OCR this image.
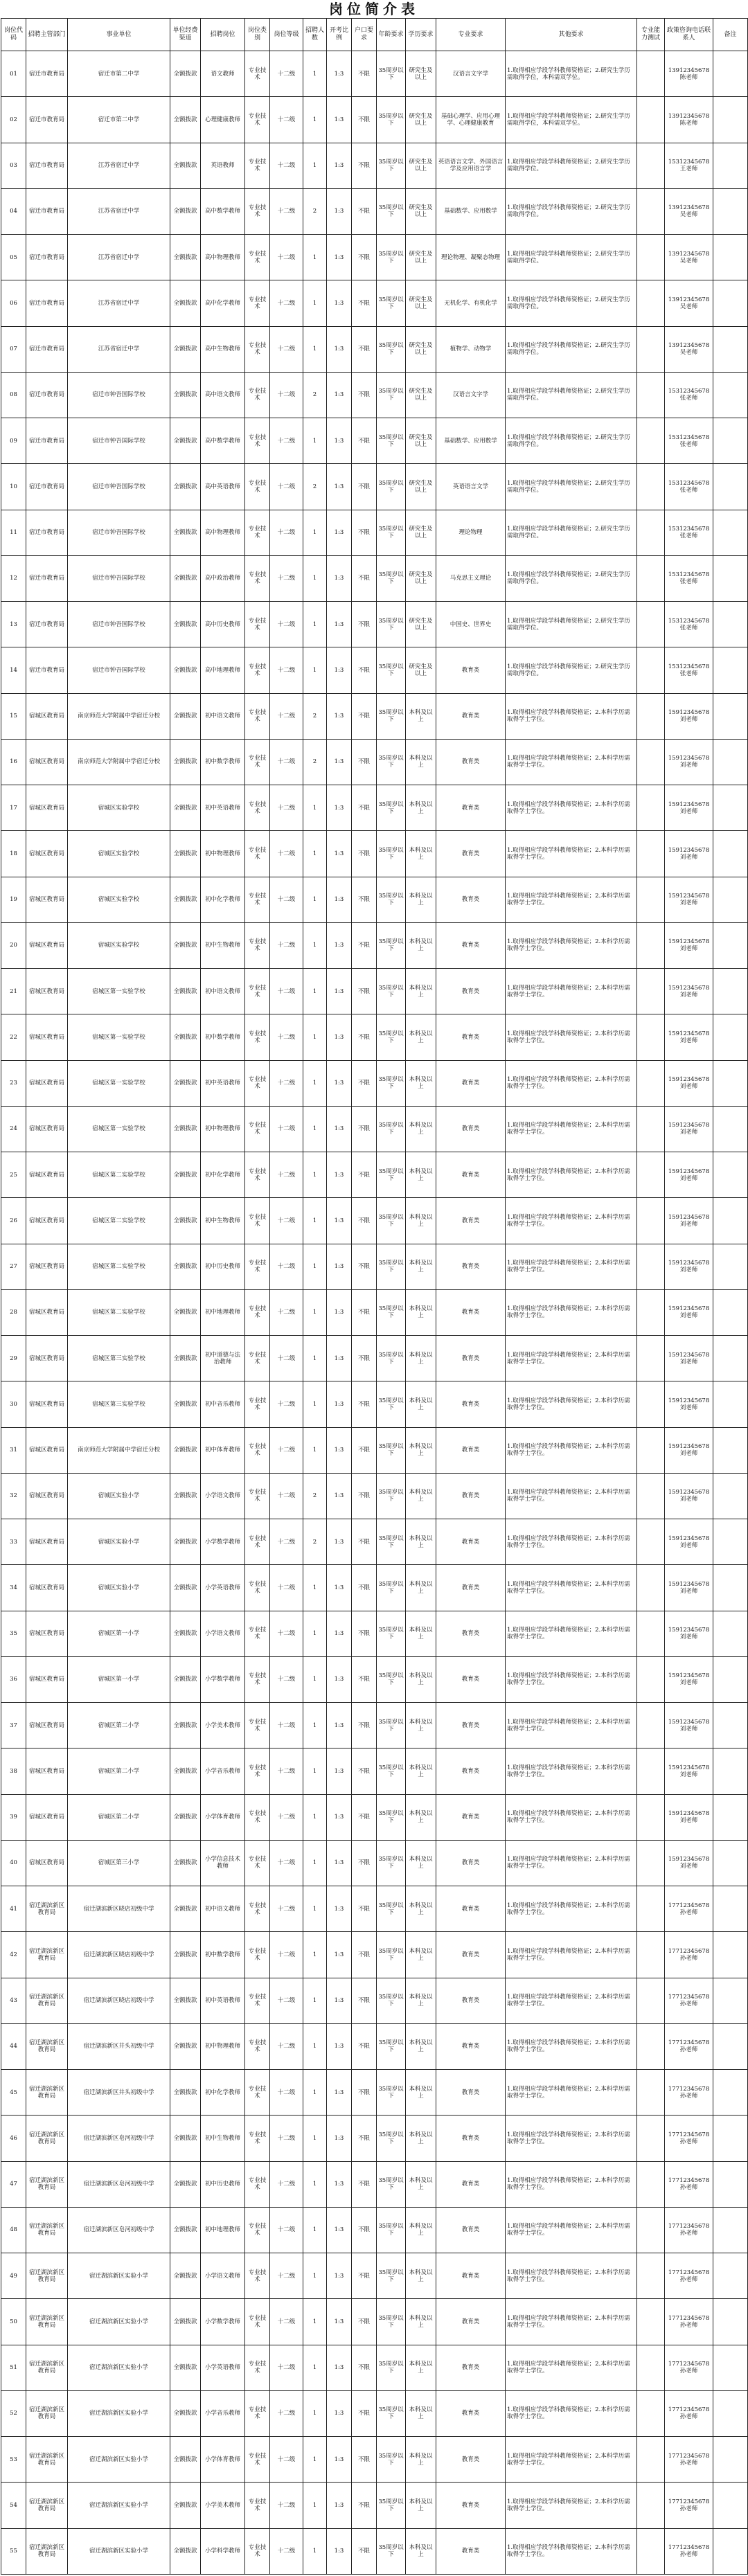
岗位简介表
岗位代码	招聘主管部门	事业单位	单位经费渠道	招聘岗位	岗位类别	岗位等级	招聘人数	开考比例	户口要求	年龄要求	学历要求	专业要求	其他要求	专业能力测试	政策咨询电话联系人	备注
01	宿迁市教育局	宿迁市第二中学	全额拨款	语文教师	专业技术	十二级	1	1:3	不限	35周岁以下	研究生及以上	汉语言文字学	1.取得相应学段学科教师资格证；2.研究生学历需取得学位，本科需双学位。		13912345678陈老师	
02	宿迁市教育局	宿迁市第二中学	全额拨款	心理健康教师	专业技术	十二级	1	1:3	不限	35周岁以下	研究生及以上	基础心理学、应用心理学、心理健康教育	1.取得相应学段学科教师资格证；2.研究生学历需取得学位，本科需双学位。		13912345678陈老师	
03	宿迁市教育局	江苏省宿迁中学	全额拨款	英语教师	专业技术	十二级	1	1:3	不限	35周岁以下	研究生及以上	英语语言文学、外国语言学及应用语言学	1.取得相应学段学科教师资格证；2.研究生学历需取得学位。		15312345678王老师	
04	宿迁市教育局	江苏省宿迁中学	全额拨款	高中数学教师	专业技术	十二级	2	1:3	不限	35周岁以下	研究生及以上	基础数学、应用数学	1.取得相应学段学科教师资格证；2.研究生学历需取得学位。		13912345678吴老师	
05	宿迁市教育局	江苏省宿迁中学	全额拨款	高中物理教师	专业技术	十二级	1	1:3	不限	35周岁以下	研究生及以上	理论物理、凝聚态物理	1.取得相应学段学科教师资格证；2.研究生学历需取得学位。		13912345678吴老师	
06	宿迁市教育局	江苏省宿迁中学	全额拨款	高中化学教师	专业技术	十二级	1	1:3	不限	35周岁以下	研究生及以上	无机化学、有机化学	1.取得相应学段学科教师资格证；2.研究生学历需取得学位。		13912345678吴老师	
07	宿迁市教育局	江苏省宿迁中学	全额拨款	高中生物教师	专业技术	十二级	1	1:3	不限	35周岁以下	研究生及以上	植物学、动物学	1.取得相应学段学科教师资格证；2.研究生学历需取得学位。		13912345678吴老师	
08	宿迁市教育局	宿迁市钟吾国际学校	全额拨款	高中语文教师	专业技术	十二级	2	1:3	不限	35周岁以下	研究生及以上	汉语言文字学	1.取得相应学段学科教师资格证；2.研究生学历需取得学位。		15312345678张老师	
09	宿迁市教育局	宿迁市钟吾国际学校	全额拨款	高中数学教师	专业技术	十二级	1	1:3	不限	35周岁以下	研究生及以上	基础数学、应用数学	1.取得相应学段学科教师资格证；2.研究生学历需取得学位。		15312345678张老师	
10	宿迁市教育局	宿迁市钟吾国际学校	全额拨款	高中英语教师	专业技术	十二级	2	1:3	不限	35周岁以下	研究生及以上	英语语言文学	1.取得相应学段学科教师资格证；2.研究生学历需取得学位。		15312345678张老师	
11	宿迁市教育局	宿迁市钟吾国际学校	全额拨款	高中物理教师	专业技术	十二级	1	1:3	不限	35周岁以下	研究生及以上	理论物理	1.取得相应学段学科教师资格证；2.研究生学历需取得学位。		15312345678张老师	
12	宿迁市教育局	宿迁市钟吾国际学校	全额拨款	高中政治教师	专业技术	十二级	1	1:3	不限	35周岁以下	研究生及以上	马克思主义理论	1.取得相应学段学科教师资格证；2.研究生学历需取得学位。		15312345678张老师	
13	宿迁市教育局	宿迁市钟吾国际学校	全额拨款	高中历史教师	专业技术	十二级	1	1:3	不限	35周岁以下	研究生及以上	中国史、世界史	1.取得相应学段学科教师资格证；2.研究生学历需取得学位。		15312345678张老师	
14	宿迁市教育局	宿迁市钟吾国际学校	全额拨款	高中地理教师	专业技术	十二级	1	1:3	不限	35周岁以下	研究生及以上	教育类	1.取得相应学段学科教师资格证；2.研究生学历需取得学位。		15312345678张老师	
15	宿城区教育局	南京师范大学附属中学宿迁分校	全额拨款	初中语文教师	专业技术	十二级	2	1:3	不限	35周岁以下	本科及以上	教育类	1.取得相应学段学科教师资格证；2.本科学历需取得学士学位。		15912345678刘老师	
16	宿城区教育局	南京师范大学附属中学宿迁分校	全额拨款	初中数学教师	专业技术	十二级	2	1:3	不限	35周岁以下	本科及以上	教育类	1.取得相应学段学科教师资格证；2.本科学历需取得学士学位。		15912345678刘老师	
17	宿城区教育局	宿城区实验学校	全额拨款	初中英语教师	专业技术	十二级	1	1:3	不限	35周岁以下	本科及以上	教育类	1.取得相应学段学科教师资格证；2.本科学历需取得学士学位。		15912345678刘老师	
18	宿城区教育局	宿城区实验学校	全额拨款	初中物理教师	专业技术	十二级	1	1:3	不限	35周岁以下	本科及以上	教育类	1.取得相应学段学科教师资格证；2.本科学历需取得学士学位。		15912345678刘老师	
19	宿城区教育局	宿城区实验学校	全额拨款	初中化学教师	专业技术	十二级	1	1:3	不限	35周岁以下	本科及以上	教育类	1.取得相应学段学科教师资格证；2.本科学历需取得学士学位。		15912345678刘老师	
20	宿城区教育局	宿城区实验学校	全额拨款	初中生物教师	专业技术	十二级	1	1:3	不限	35周岁以下	本科及以上	教育类	1.取得相应学段学科教师资格证；2.本科学历需取得学士学位。		15912345678刘老师	
21	宿城区教育局	宿城区第一实验学校	全额拨款	初中语文教师	专业技术	十二级	1	1:3	不限	35周岁以下	本科及以上	教育类	1.取得相应学段学科教师资格证；2.本科学历需取得学士学位。		15912345678刘老师	
22	宿城区教育局	宿城区第一实验学校	全额拨款	初中数学教师	专业技术	十二级	1	1:3	不限	35周岁以下	本科及以上	教育类	1.取得相应学段学科教师资格证；2.本科学历需取得学士学位。		15912345678刘老师	
23	宿城区教育局	宿城区第一实验学校	全额拨款	初中英语教师	专业技术	十二级	1	1:3	不限	35周岁以下	本科及以上	教育类	1.取得相应学段学科教师资格证；2.本科学历需取得学士学位。		15912345678刘老师	
24	宿城区教育局	宿城区第一实验学校	全额拨款	初中物理教师	专业技术	十二级	1	1:3	不限	35周岁以下	本科及以上	教育类	1.取得相应学段学科教师资格证；2.本科学历需取得学士学位。		15912345678刘老师	
25	宿城区教育局	宿城区第二实验学校	全额拨款	初中化学教师	专业技术	十二级	1	1:3	不限	35周岁以下	本科及以上	教育类	1.取得相应学段学科教师资格证；2.本科学历需取得学士学位。		15912345678刘老师	
26	宿城区教育局	宿城区第二实验学校	全额拨款	初中生物教师	专业技术	十二级	1	1:3	不限	35周岁以下	本科及以上	教育类	1.取得相应学段学科教师资格证；2.本科学历需取得学士学位。		15912345678刘老师	
27	宿城区教育局	宿城区第二实验学校	全额拨款	初中历史教师	专业技术	十二级	1	1:3	不限	35周岁以下	本科及以上	教育类	1.取得相应学段学科教师资格证；2.本科学历需取得学士学位。		15912345678刘老师	
28	宿城区教育局	宿城区第二实验学校	全额拨款	初中地理教师	专业技术	十二级	1	1:3	不限	35周岁以下	本科及以上	教育类	1.取得相应学段学科教师资格证；2.本科学历需取得学士学位。		15912345678刘老师	
29	宿城区教育局	宿城区第三实验学校	全额拨款	初中道德与法治教师	专业技术	十二级	1	1:3	不限	35周岁以下	本科及以上	教育类	1.取得相应学段学科教师资格证；2.本科学历需取得学士学位。		15912345678刘老师	
30	宿城区教育局	宿城区第三实验学校	全额拨款	初中音乐教师	专业技术	十二级	1	1:3	不限	35周岁以下	本科及以上	教育类	1.取得相应学段学科教师资格证；2.本科学历需取得学士学位。		15912345678刘老师	
31	宿城区教育局	南京师范大学附属中学宿迁分校	全额拨款	初中体育教师	专业技术	十二级	1	1:3	不限	35周岁以下	本科及以上	教育类	1.取得相应学段学科教师资格证；2.本科学历需取得学士学位。		15912345678刘老师	
32	宿城区教育局	宿城区实验小学	全额拨款	小学语文教师	专业技术	十二级	2	1:3	不限	35周岁以下	本科及以上	教育类	1.取得相应学段学科教师资格证；2.本科学历需取得学士学位。		15912345678刘老师	
33	宿城区教育局	宿城区实验小学	全额拨款	小学数学教师	专业技术	十二级	2	1:3	不限	35周岁以下	本科及以上	教育类	1.取得相应学段学科教师资格证；2.本科学历需取得学士学位。		15912345678刘老师	
34	宿城区教育局	宿城区实验小学	全额拨款	小学英语教师	专业技术	十二级	1	1:3	不限	35周岁以下	本科及以上	教育类	1.取得相应学段学科教师资格证；2.本科学历需取得学士学位。		15912345678刘老师	
35	宿城区教育局	宿城区第一小学	全额拨款	小学语文教师	专业技术	十二级	1	1:3	不限	35周岁以下	本科及以上	教育类	1.取得相应学段学科教师资格证；2.本科学历需取得学士学位。		15912345678刘老师	
36	宿城区教育局	宿城区第一小学	全额拨款	小学数学教师	专业技术	十二级	1	1:3	不限	35周岁以下	本科及以上	教育类	1.取得相应学段学科教师资格证；2.本科学历需取得学士学位。		15912345678刘老师	
37	宿城区教育局	宿城区第二小学	全额拨款	小学美术教师	专业技术	十二级	1	1:3	不限	35周岁以下	本科及以上	教育类	1.取得相应学段学科教师资格证；2.本科学历需取得学士学位。		15912345678刘老师	
38	宿城区教育局	宿城区第二小学	全额拨款	小学音乐教师	专业技术	十二级	1	1:3	不限	35周岁以下	本科及以上	教育类	1.取得相应学段学科教师资格证；2.本科学历需取得学士学位。		15912345678刘老师	
39	宿城区教育局	宿城区第二小学	全额拨款	小学体育教师	专业技术	十二级	1	1:3	不限	35周岁以下	本科及以上	教育类	1.取得相应学段学科教师资格证；2.本科学历需取得学士学位。		15912345678刘老师	
40	宿城区教育局	宿城区第三小学	全额拨款	小学信息技术教师	专业技术	十二级	1	1:3	不限	35周岁以下	本科及以上	教育类	1.取得相应学段学科教师资格证；2.本科学历需取得学士学位。		15912345678刘老师	
41	宿迁湖滨新区教育局	宿迁湖滨新区晓店初级中学	全额拨款	初中语文教师	专业技术	十二级	1	1:3	不限	35周岁以下	本科及以上	教育类	1.取得相应学段学科教师资格证；2.本科学历需取得学士学位。		17712345678孙老师	
42	宿迁湖滨新区教育局	宿迁湖滨新区晓店初级中学	全额拨款	初中数学教师	专业技术	十二级	1	1:3	不限	35周岁以下	本科及以上	教育类	1.取得相应学段学科教师资格证；2.本科学历需取得学士学位。		17712345678孙老师	
43	宿迁湖滨新区教育局	宿迁湖滨新区晓店初级中学	全额拨款	初中英语教师	专业技术	十二级	1	1:3	不限	35周岁以下	本科及以上	教育类	1.取得相应学段学科教师资格证；2.本科学历需取得学士学位。		17712345678孙老师	
44	宿迁湖滨新区教育局	宿迁湖滨新区井头初级中学	全额拨款	初中物理教师	专业技术	十二级	1	1:3	不限	35周岁以下	本科及以上	教育类	1.取得相应学段学科教师资格证；2.本科学历需取得学士学位。		17712345678孙老师	
45	宿迁湖滨新区教育局	宿迁湖滨新区井头初级中学	全额拨款	初中化学教师	专业技术	十二级	1	1:3	不限	35周岁以下	本科及以上	教育类	1.取得相应学段学科教师资格证；2.本科学历需取得学士学位。		17712345678孙老师	
46	宿迁湖滨新区教育局	宿迁湖滨新区皂河初级中学	全额拨款	初中生物教师	专业技术	十二级	1	1:3	不限	35周岁以下	本科及以上	教育类	1.取得相应学段学科教师资格证；2.本科学历需取得学士学位。		17712345678孙老师	
47	宿迁湖滨新区教育局	宿迁湖滨新区皂河初级中学	全额拨款	初中历史教师	专业技术	十二级	1	1:3	不限	35周岁以下	本科及以上	教育类	1.取得相应学段学科教师资格证；2.本科学历需取得学士学位。		17712345678孙老师	
48	宿迁湖滨新区教育局	宿迁湖滨新区皂河初级中学	全额拨款	初中地理教师	专业技术	十二级	1	1:3	不限	35周岁以下	本科及以上	教育类	1.取得相应学段学科教师资格证；2.本科学历需取得学士学位。		17712345678孙老师	
49	宿迁湖滨新区教育局	宿迁湖滨新区实验小学	全额拨款	小学语文教师	专业技术	十二级	1	1:3	不限	35周岁以下	本科及以上	教育类	1.取得相应学段学科教师资格证；2.本科学历需取得学士学位。		17712345678孙老师	
50	宿迁湖滨新区教育局	宿迁湖滨新区实验小学	全额拨款	小学数学教师	专业技术	十二级	1	1:3	不限	35周岁以下	本科及以上	教育类	1.取得相应学段学科教师资格证；2.本科学历需取得学士学位。		17712345678孙老师	
51	宿迁湖滨新区教育局	宿迁湖滨新区实验小学	全额拨款	小学英语教师	专业技术	十二级	1	1:3	不限	35周岁以下	本科及以上	教育类	1.取得相应学段学科教师资格证；2.本科学历需取得学士学位。		17712345678孙老师	
52	宿迁湖滨新区教育局	宿迁湖滨新区实验小学	全额拨款	小学音乐教师	专业技术	十二级	1	1:3	不限	35周岁以下	本科及以上	教育类	1.取得相应学段学科教师资格证；2.本科学历需取得学士学位。		17712345678孙老师	
53	宿迁湖滨新区教育局	宿迁湖滨新区实验小学	全额拨款	小学体育教师	专业技术	十二级	1	1:3	不限	35周岁以下	本科及以上	教育类	1.取得相应学段学科教师资格证；2.本科学历需取得学士学位。		17712345678孙老师	
54	宿迁湖滨新区教育局	宿迁湖滨新区实验小学	全额拨款	小学美术教师	专业技术	十二级	1	1:3	不限	35周岁以下	本科及以上	教育类	1.取得相应学段学科教师资格证；2.本科学历需取得学士学位。		17712345678孙老师	
55	宿迁湖滨新区教育局	宿迁湖滨新区实验小学	全额拨款	小学科学教师	专业技术	十二级	1	1:3	不限	35周岁以下	本科及以上	教育类	1.取得相应学段学科教师资格证；2.本科学历需取得学士学位。		17712345678孙老师	
